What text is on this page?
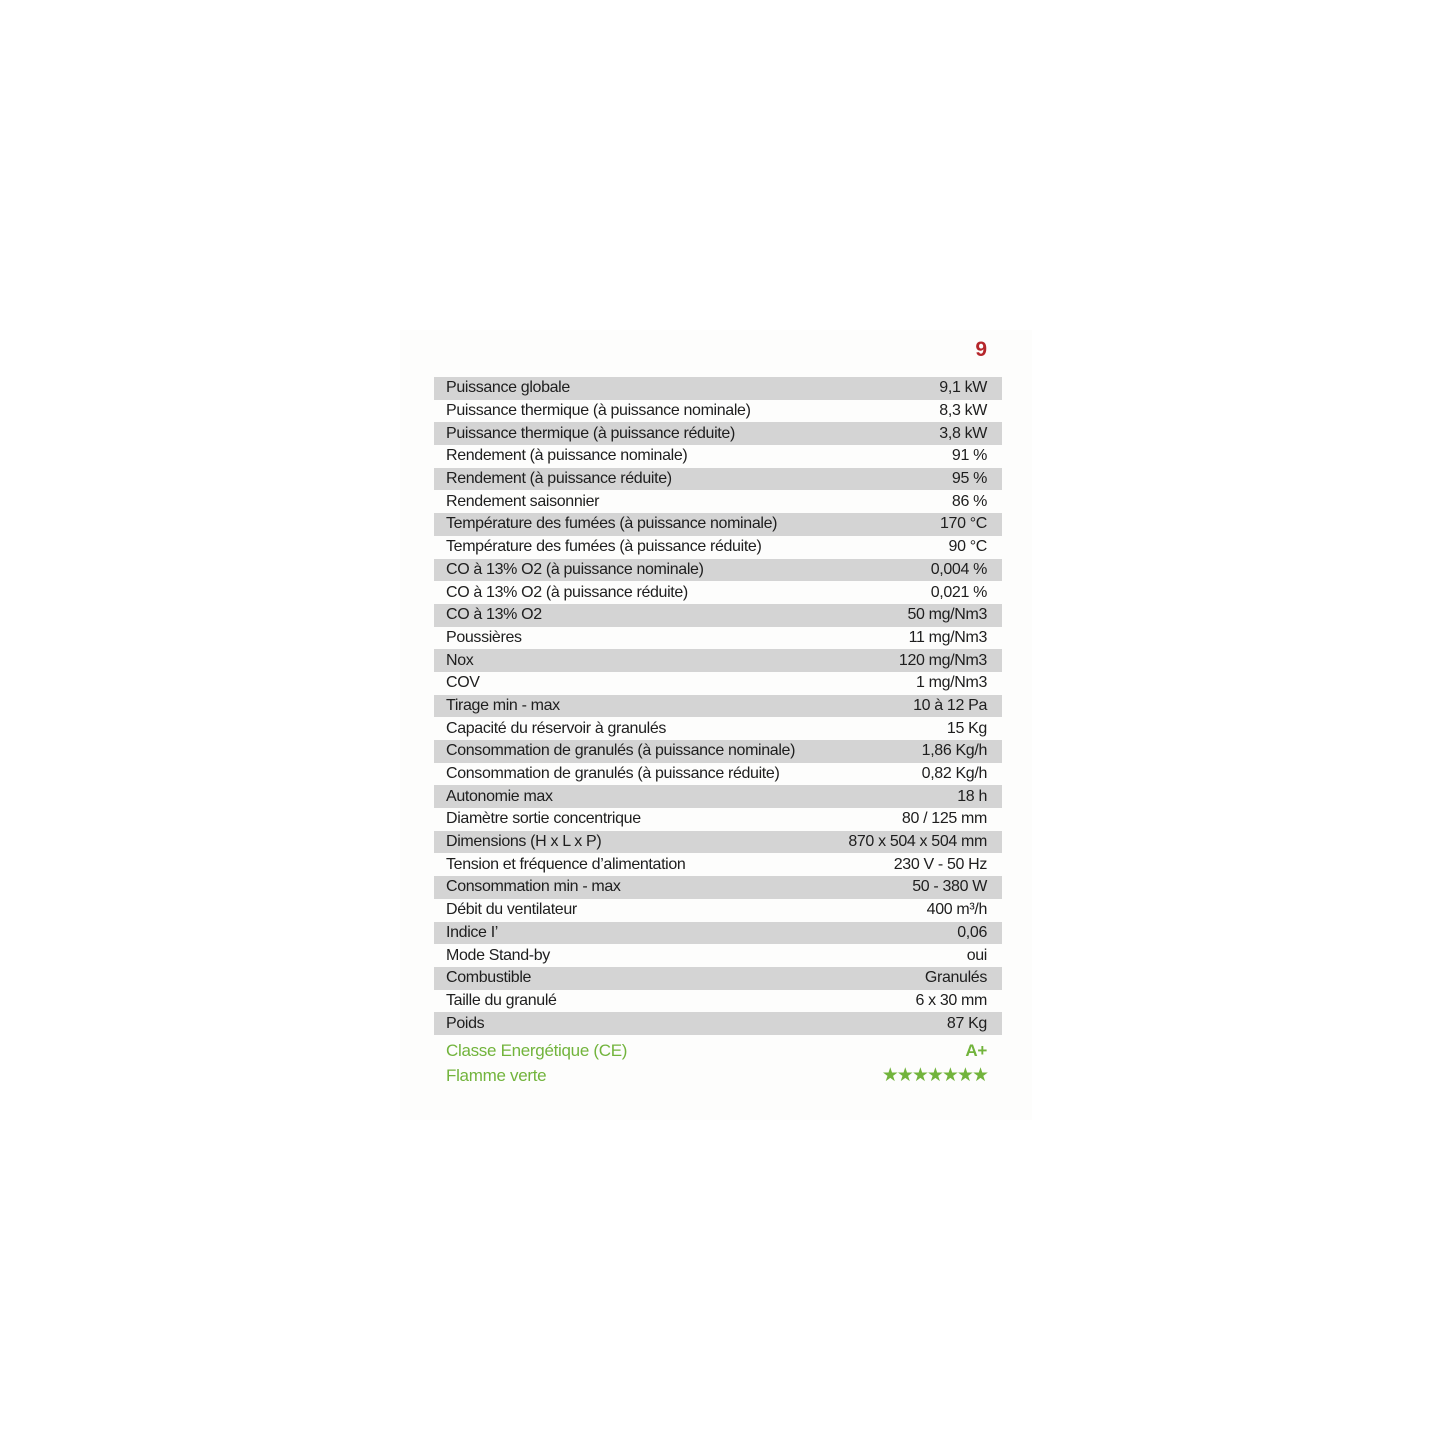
9
Puissance globale	9,1 kW
Puissance thermique (à puissance nominale)	8,3 kW
Puissance thermique (à puissance réduite)	3,8 kW
Rendement (à puissance nominale)	91 %
Rendement (à puissance réduite)	95 %
Rendement saisonnier	86 %
Température des fumées (à puissance nominale)	170 °C
Température des fumées (à puissance réduite)	90 °C
CO à 13% O2 (à puissance nominale)	0,004 %
CO à 13% O2 (à puissance réduite)	0,021 %
CO à 13% O2	50 mg/Nm3
Poussières	11 mg/Nm3
Nox	120 mg/Nm3
COV	1 mg/Nm3
Tirage min - max	10 à 12 Pa
Capacité du réservoir à granulés	15 Kg
Consommation de granulés (à puissance nominale)	1,86 Kg/h
Consommation de granulés (à puissance réduite)	0,82 Kg/h
Autonomie max	18 h
Diamètre sortie concentrique	80 / 125 mm
Dimensions (H x L x P)	870 x 504 x 504 mm
Tension et fréquence d’alimentation	230 V - 50 Hz
Consommation min - max	50 - 380 W
Débit du ventilateur	400 m³/h
Indice I’	0,06
Mode Stand-by	oui
Combustible	Granulés
Taille du granulé	6 x 30 mm
Poids	87 Kg
Classe Energétique (CE)	A+
Flamme verte	★★★★★★★
